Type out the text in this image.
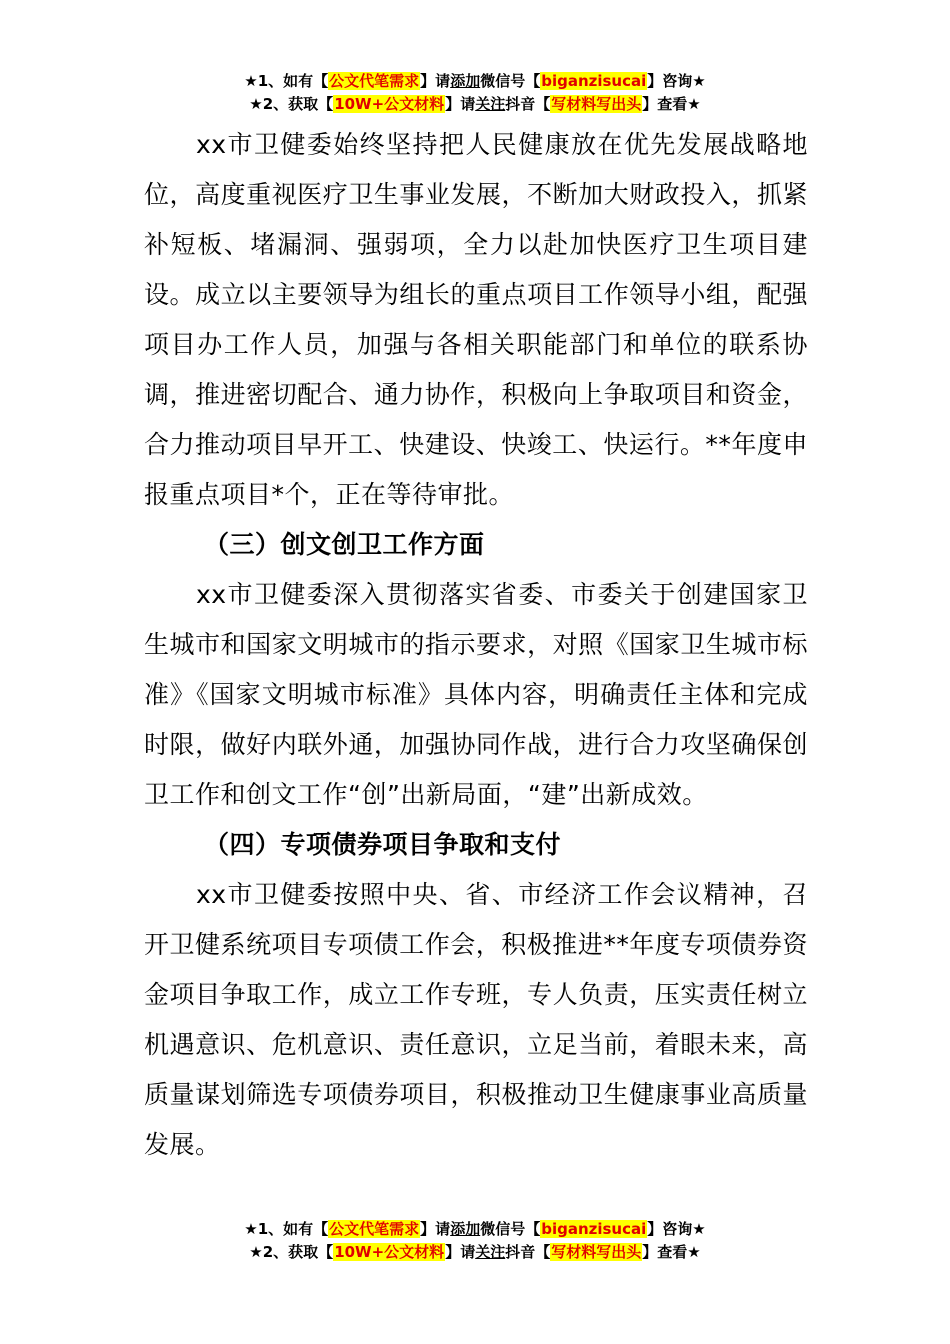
★1、如有【公文代笔需求】请添加微信号【biganzisucai】咨询★
★2、获取【10W+公文材料】请关注抖音【写材料写出头】查看★

xx市卫健委始终坚持把人民健康放在优先发展战略地位，高度重视医疗卫生事业发展，不断加大财政投入，抓紧补短板、堵漏洞、强弱项，全力以赴加快医疗卫生项目建设。成立以主要领导为组长的重点项目工作领导小组，配强项目办工作人员，加强与各相关职能部门和单位的联系协调，推进密切配合、通力协作，积极向上争取项目和资金，合力推动项目早开工、快建设、快竣工、快运行。**年度申报重点项目*个，正在等待审批。

（三）创文创卫工作方面

xx市卫健委深入贯彻落实省委、市委关于创建国家卫生城市和国家文明城市的指示要求，对照《国家卫生城市标准》《国家文明城市标准》具体内容，明确责任主体和完成时限，做好内联外通，加强协同作战，进行合力攻坚确保创卫工作和创文工作“创”出新局面，“建”出新成效。

（四）专项债券项目争取和支付

xx市卫健委按照中央、省、市经济工作会议精神，召开卫健系统项目专项债工作会，积极推进**年度专项债券资金项目争取工作，成立工作专班，专人负责，压实责任树立机遇意识、危机意识、责任意识，立足当前，着眼未来，高质量谋划筛选专项债券项目，积极推动卫生健康事业高质量发展。

★1、如有【公文代笔需求】请添加微信号【biganzisucai】咨询★
★2、获取【10W+公文材料】请关注抖音【写材料写出头】查看★
